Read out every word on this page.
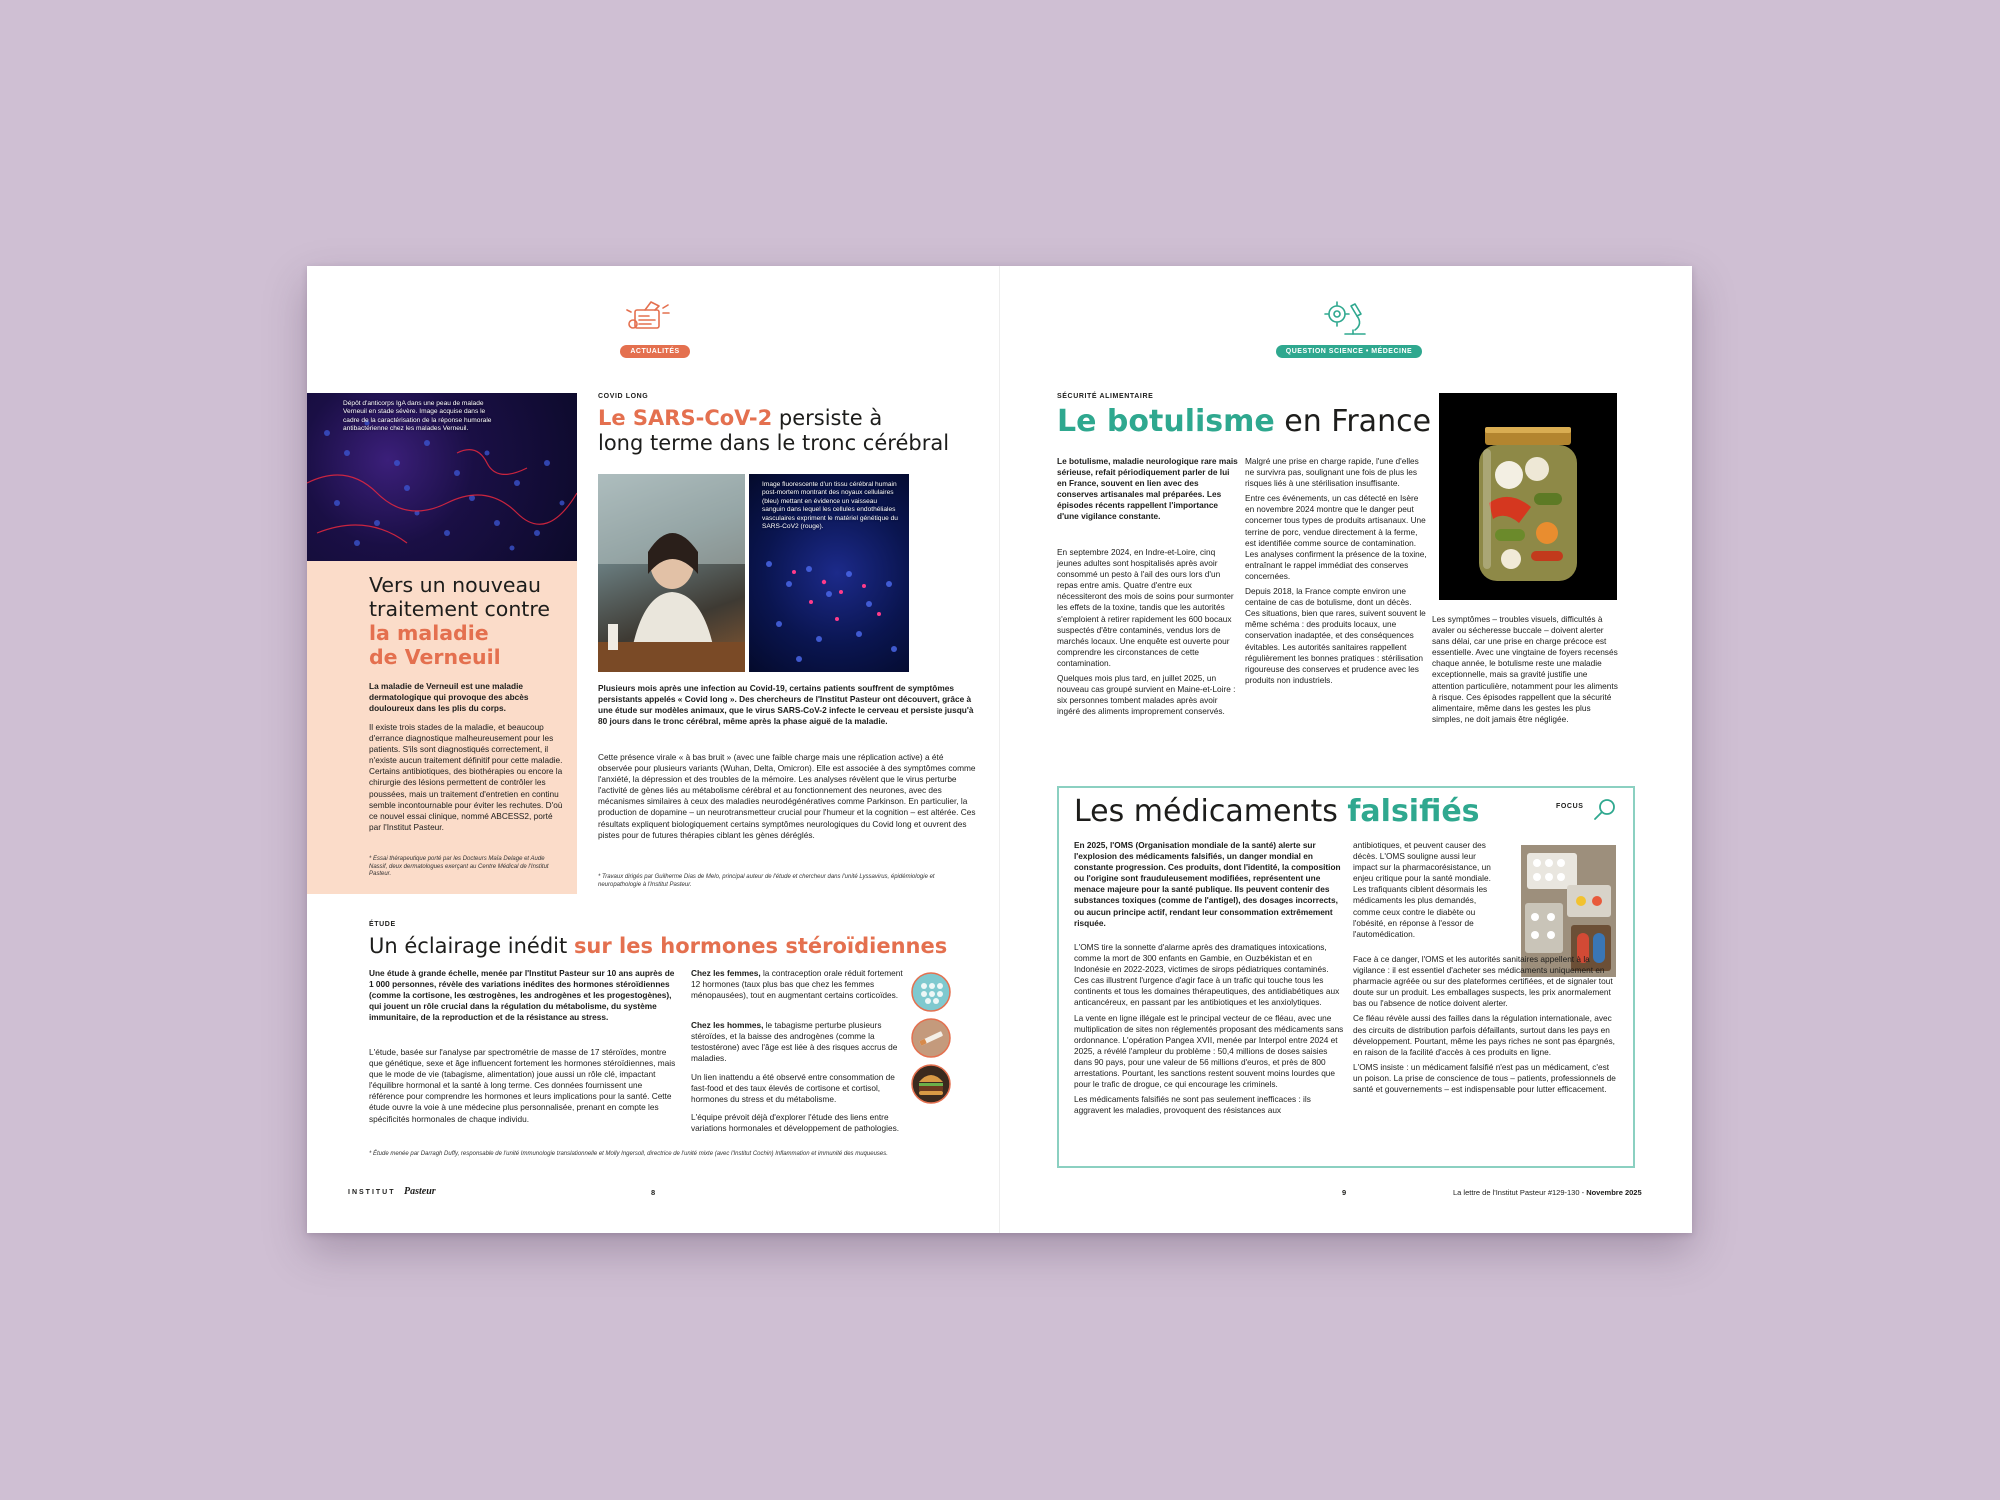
ACTUALITÉS
Dépôt d'anticorps IgA dans une peau de malade Verneuil en stade sévère. Image acquise dans le cadre de la caractérisation de la réponse humorale antibactérienne chez les malades Verneuil.
Vers un nouveau
traitement contre
la maladie
de Verneuil
La maladie de Verneuil est une maladie dermatologique qui provoque des abcès douloureux dans les plis du corps.
Il existe trois stades de la maladie, et beaucoup d'errance diagnostique malheureusement pour les patients. S'ils sont diagnostiqués correctement, il n'existe aucun traitement définitif pour cette maladie. Certains antibiotiques, des biothérapies ou encore la chirurgie des lésions permettent de contrôler les poussées, mais un traitement d'entretien en continu semble incontournable pour éviter les rechutes. D'où ce nouvel essai clinique, nommé ABCESS2, porté par l'Institut Pasteur.
* Essai thérapeutique porté par les Docteurs Maïa Delage et Aude Nassif, deux dermatologues exerçant au Centre Médical de l'Institut Pasteur.
COVID LONG
Le SARS-CoV-2 persiste à
long terme dans le tronc cérébral
Image fluorescente d'un tissu cérébral humain post-mortem montrant des noyaux cellulaires (bleu) mettant en évidence un vaisseau sanguin dans lequel les cellules endothéliales vasculaires expriment le matériel génétique du SARS-CoV2 (rouge).
Plusieurs mois après une infection au Covid-19, certains patients souffrent de symptômes persistants appelés « Covid long ». Des chercheurs de l'Institut Pasteur ont découvert, grâce à une étude sur modèles animaux, que le virus SARS-CoV-2 infecte le cerveau et persiste jusqu'à 80 jours dans le tronc cérébral, même après la phase aiguë de la maladie.
Cette présence virale « à bas bruit » (avec une faible charge mais une réplication active) a été observée pour plusieurs variants (Wuhan, Delta, Omicron). Elle est associée à des symptômes comme l'anxiété, la dépression et des troubles de la mémoire. Les analyses révèlent que le virus perturbe l'activité de gènes liés au métabolisme cérébral et au fonctionnement des neurones, avec des mécanismes similaires à ceux des maladies neurodégénératives comme Parkinson. En particulier, la production de dopamine – un neurotransmetteur crucial pour l'humeur et la cognition – est altérée. Ces résultats expliquent biologiquement certains symptômes neurologiques du Covid long et ouvrent des pistes pour de futures thérapies ciblant les gènes déréglés.
* Travaux dirigés par Guilherme Dias de Melo, principal auteur de l'étude et chercheur dans l'unité Lyssavirus, épidémiologie et neuropathologie à l'Institut Pasteur.
ÉTUDE
Un éclairage inédit sur les hormones stéroïdiennes
Une étude à grande échelle, menée par l'Institut Pasteur sur 10 ans auprès de 1 000 personnes, révèle des variations inédites des hormones stéroïdiennes (comme la cortisone, les œstrogènes, les androgènes et les progestogènes), qui jouent un rôle crucial dans la régulation du métabolisme, du système immunitaire, de la reproduction et de la résistance au stress.
L'étude, basée sur l'analyse par spectrométrie de masse de 17 stéroïdes, montre que génétique, sexe et âge influencent fortement les hormones stéroïdiennes, mais que le mode de vie (tabagisme, alimentation) joue aussi un rôle clé, impactant l'équilibre hormonal et la santé à long terme. Ces données fournissent une référence pour comprendre les hormones et leurs implications pour la santé. Cette étude ouvre la voie à une médecine plus personnalisée, prenant en compte les spécificités hormonales de chaque individu.
Chez les femmes, la contraception orale réduit fortement 12 hormones (taux plus bas que chez les femmes ménopausées), tout en augmentant certains corticoïdes.
Chez les hommes, le tabagisme perturbe plusieurs stéroïdes, et la baisse des androgènes (comme la testostérone) avec l'âge est liée à des risques accrus de maladies.
Un lien inattendu a été observé entre consommation de fast-food et des taux élevés de cortisone et cortisol, hormones du stress et du métabolisme.
L'équipe prévoit déjà d'explorer l'étude des liens entre variations hormonales et développement de pathologies.
* Étude menée par Darragh Duffy, responsable de l'unité Immunologie translationnelle et Molly Ingersoll, directrice de l'unité mixte (avec l'Institut Cochin) Inflammation et immunité des muqueuses.
INSTITUT Pasteur	8
QUESTION SCIENCE • MÉDECINE
SÉCURITÉ ALIMENTAIRE
Le botulisme en France
Le botulisme, maladie neurologique rare mais sérieuse, refait périodiquement parler de lui en France, souvent en lien avec des conserves artisanales mal préparées. Les épisodes récents rappellent l'importance d'une vigilance constante.

En septembre 2024, en Indre-et-Loire, cinq jeunes adultes sont hospitalisés après avoir consommé un pesto à l'ail des ours lors d'un repas entre amis. Quatre d'entre eux nécessiteront des mois de soins pour surmonter les effets de la toxine, tandis que les autorités s'emploient à retirer rapidement les 600 bocaux suspectés d'être contaminés, vendus lors de marchés locaux. Une enquête est ouverte pour comprendre les circonstances de cette contamination.

Quelques mois plus tard, en juillet 2025, un nouveau cas groupé survient en Maine-et-Loire : six personnes tombent malades après avoir ingéré des aliments improprement conservés.

Malgré une prise en charge rapide, l'une d'elles ne survivra pas, soulignant une fois de plus les risques liés à une stérilisation insuffisante.

Entre ces événements, un cas détecté en Isère en novembre 2024 montre que le danger peut concerner tous types de produits artisanaux. Une terrine de porc, vendue directement à la ferme, est identifiée comme source de contamination. Les analyses confirment la présence de la toxine, entraînant le rappel immédiat des conserves concernées.

Depuis 2018, la France compte environ une centaine de cas de botulisme, dont un décès. Ces situations, bien que rares, suivent souvent le même schéma : des produits locaux, une conservation inadaptée, et des conséquences évitables. Les autorités sanitaires rappellent régulièrement les bonnes pratiques : stérilisation rigoureuse des conserves et prudence avec les produits non industriels.

Les symptômes – troubles visuels, difficultés à avaler ou sécheresse buccale – doivent alerter sans délai, car une prise en charge précoce est essentielle. Avec une vingtaine de foyers recensés chaque année, le botulisme reste une maladie exceptionnelle, mais sa gravité justifie une attention particulière, notamment pour les aliments à risque. Ces épisodes rappellent que la sécurité alimentaire, même dans les gestes les plus simples, ne doit jamais être négligée.
Les médicaments falsifiés	FOCUS
En 2025, l'OMS (Organisation mondiale de la santé) alerte sur l'explosion des médicaments falsifiés, un danger mondial en constante progression. Ces produits, dont l'identité, la composition ou l'origine sont frauduleusement modifiées, représentent une menace majeure pour la santé publique. Ils peuvent contenir des substances toxiques (comme de l'antigel), des dosages incorrects, ou aucun principe actif, rendant leur consommation extrêmement risquée.

L'OMS tire la sonnette d'alarme après des dramatiques intoxications, comme la mort de 300 enfants en Gambie, en Ouzbékistan et en Indonésie en 2022-2023, victimes de sirops pédiatriques contaminés. Ces cas illustrent l'urgence d'agir face à un trafic qui touche tous les continents et tous les domaines thérapeutiques, des antidiabétiques aux anticancéreux, en passant par les antibiotiques et les anxiolytiques.

La vente en ligne illégale est le principal vecteur de ce fléau, avec une multiplication de sites non réglementés proposant des médicaments sans ordonnance. L'opération Pangea XVII, menée par Interpol entre 2024 et 2025, a révélé l'ampleur du problème : 50,4 millions de doses saisies dans 90 pays, pour une valeur de 56 millions d'euros, et près de 800 arrestations. Pourtant, les sanctions restent souvent moins lourdes que pour le trafic de drogue, ce qui encourage les criminels.

Les médicaments falsifiés ne sont pas seulement inefficaces : ils aggravent les maladies, provoquent des résistances aux

antibiotiques, et peuvent causer des décès. L'OMS souligne aussi leur impact sur la pharmacorésistance, un enjeu critique pour la santé mondiale. Les trafiquants ciblent désormais les médicaments les plus demandés, comme ceux contre le diabète ou l'obésité, en réponse à l'essor de l'automédication.

Face à ce danger, l'OMS et les autorités sanitaires appellent à la vigilance : il est essentiel d'acheter ses médicaments uniquement en pharmacie agréée ou sur des plateformes certifiées, et de signaler tout doute sur un produit. Les emballages suspects, les prix anormalement bas ou l'absence de notice doivent alerter.

Ce fléau révèle aussi des failles dans la régulation internationale, avec des circuits de distribution parfois défaillants, surtout dans les pays en développement. Pourtant, même les pays riches ne sont pas épargnés, en raison de la facilité d'accès à ces produits en ligne.

L'OMS insiste : un médicament falsifié n'est pas un médicament, c'est un poison. La prise de conscience de tous – patients, professionnels de santé et gouvernements – est indispensable pour lutter efficacement.

9	La lettre de l'Institut Pasteur #129-130 - Novembre 2025
